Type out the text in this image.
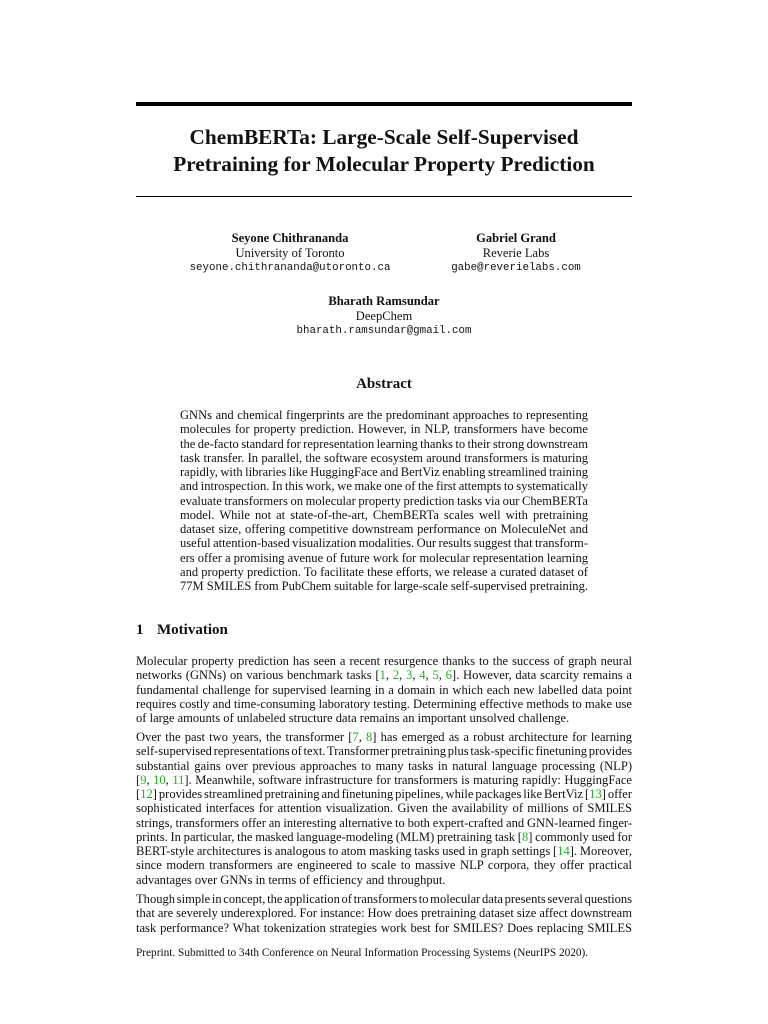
ChemBERTa: Large-Scale Self-Supervised
Pretraining for Molecular Property Prediction
Seyone Chithrananda
University of Toronto
seyone.chithrananda@utoronto.ca
Gabriel Grand
Reverie Labs
gabe@reverielabs.com
Bharath Ramsundar
DeepChem
bharath.ramsundar@gmail.com
Abstract
GNNs and chemical fingerprints are the predominant approaches to representing
molecules for property prediction. However, in NLP, transformers have become
the de-facto standard for representation learning thanks to their strong downstream
task transfer. In parallel, the software ecosystem around transformers is maturing
rapidly, with libraries like HuggingFace and BertViz enabling streamlined training
and introspection. In this work, we make one of the first attempts to systematically
evaluate transformers on molecular property prediction tasks via our ChemBERTa
model. While not at state-of-the-art, ChemBERTa scales well with pretraining
dataset size, offering competitive downstream performance on MoleculeNet and
useful attention-based visualization modalities. Our results suggest that transform-
ers offer a promising avenue of future work for molecular representation learning
and property prediction. To facilitate these efforts, we release a curated dataset of
77M SMILES from PubChem suitable for large-scale self-supervised pretraining.
1 Motivation
Molecular property prediction has seen a recent resurgence thanks to the success of graph neural
networks (GNNs) on various benchmark tasks [1, 2, 3, 4, 5, 6]. However, data scarcity remains a
fundamental challenge for supervised learning in a domain in which each new labelled data point
requires costly and time-consuming laboratory testing. Determining effective methods to make use
of large amounts of unlabeled structure data remains an important unsolved challenge.
Over the past two years, the transformer [7, 8] has emerged as a robust architecture for learning
self-supervised representations of text. Transformer pretraining plus task-specific finetuning provides
substantial gains over previous approaches to many tasks in natural language processing (NLP)
[9, 10, 11]. Meanwhile, software infrastructure for transformers is maturing rapidly: HuggingFace
[12] provides streamlined pretraining and finetuning pipelines, while packages like BertViz [13] offer
sophisticated interfaces for attention visualization. Given the availability of millions of SMILES
strings, transformers offer an interesting alternative to both expert-crafted and GNN-learned finger-
prints. In particular, the masked language-modeling (MLM) pretraining task [8] commonly used for
BERT-style architectures is analogous to atom masking tasks used in graph settings [14]. Moreover,
since modern transformers are engineered to scale to massive NLP corpora, they offer practical
advantages over GNNs in terms of efficiency and throughput.
Though simple in concept, the application of transformers to molecular data presents several questions
that are severely underexplored. For instance: How does pretraining dataset size affect downstream
task performance? What tokenization strategies work best for SMILES? Does replacing SMILES
Preprint. Submitted to 34th Conference on Neural Information Processing Systems (NeurIPS 2020).
